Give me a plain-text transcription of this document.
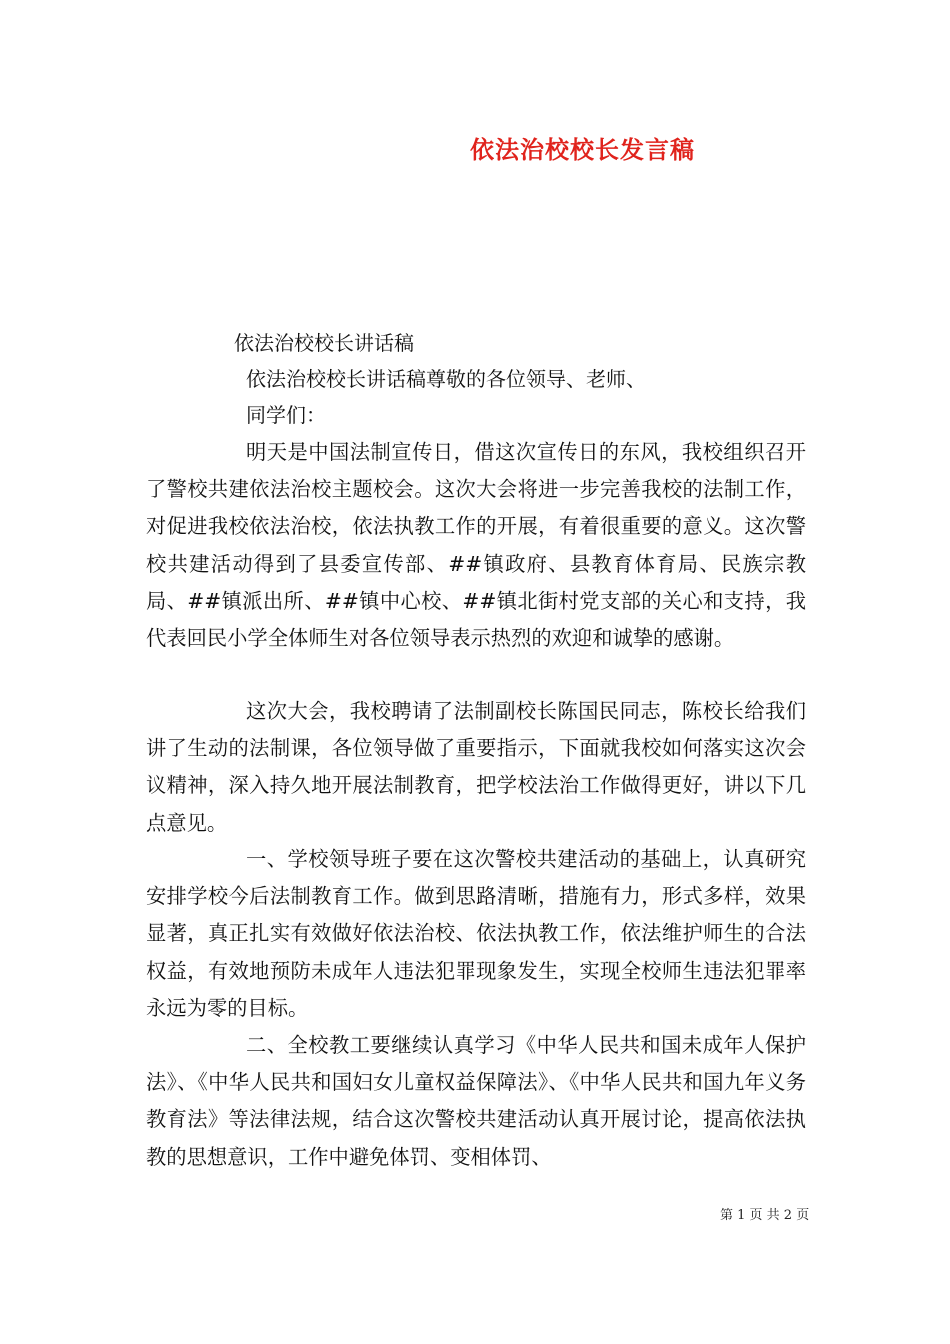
依法治校校长发言稿
依法治校校长讲话稿
依法治校校长讲话稿尊敬的各位领导、老师、
同学们：

明天是中国法制宣传日，借这次宣传日的东风，我校组织召开了警校共建依法治校主题校会。这次大会将进一步完善我校的法制工作，对促进我校依法治校，依法执教工作的开展，有着很重要的意义。这次警校共建活动得到了县委宣传部、##镇政府、县教育体育局、民族宗教局、##镇派出所、##镇中心校、##镇北街村党支部的关心和支持，我代表回民小学全体师生对各位领导表示热烈的欢迎和诚挚的感谢。

这次大会，我校聘请了法制副校长陈国民同志，陈校长给我们讲了生动的法制课，各位领导做了重要指示，下面就我校如何落实这次会议精神，深入持久地开展法制教育，把学校法治工作做得更好，讲以下几点意见。

一、学校领导班子要在这次警校共建活动的基础上，认真研究安排学校今后法制教育工作。做到思路清晰，措施有力，形式多样，效果显著，真正扎实有效做好依法治校、依法执教工作，依法维护师生的合法权益，有效地预防未成年人违法犯罪现象发生，实现全校师生违法犯罪率永远为零的目标。

二、全校教工要继续认真学习《中华人民共和国未成年人保护法》、《中华人民共和国妇女儿童权益保障法》、《中华人民共和国九年义务教育法》等法律法规，结合这次警校共建活动认真开展讨论，提高依法执教的思想意识，工作中避免体罚、变相体罚、

第 1 页 共 2 页
